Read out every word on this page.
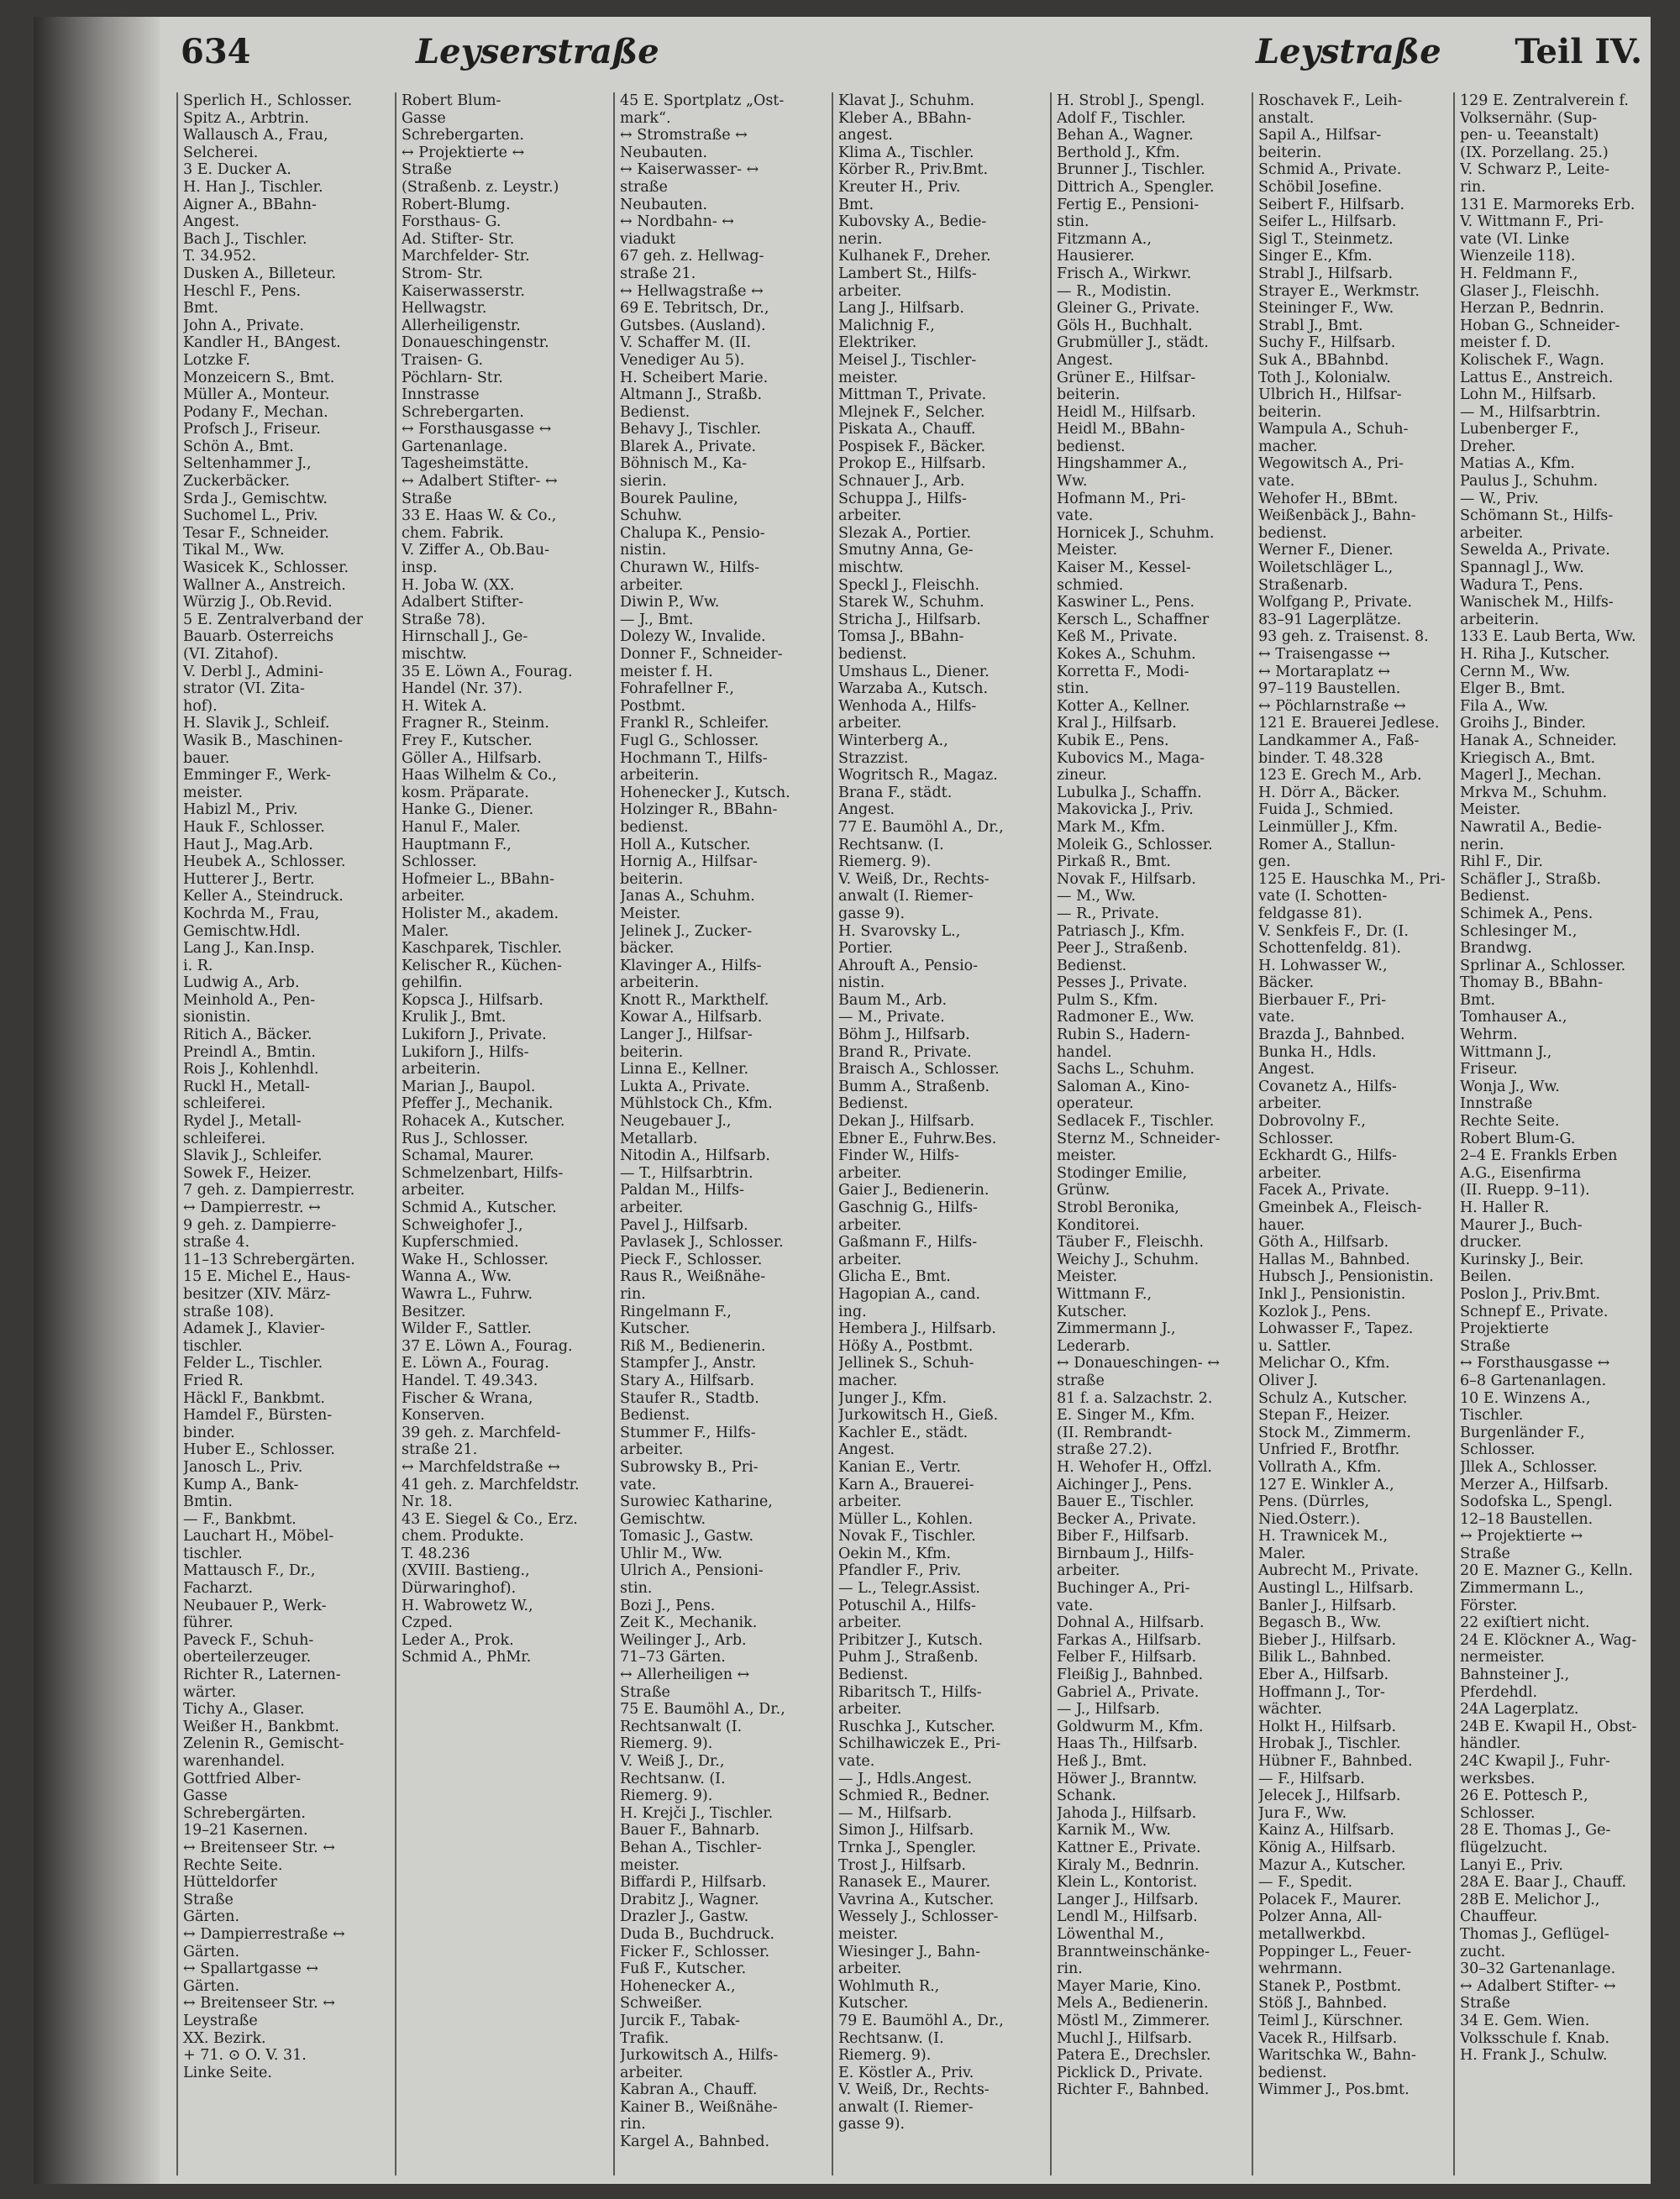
634	Leyserstraße	Leystraße Teil IV.
Sperlich H., Schlosser.
Spitz A., Arbtrin.
Wallausch A., Frau,
Selcherei.
3 E. Ducker A.
H. Han J., Tischler.
Aigner A., BBahn-
Angest.
Bach J., Tischler.
T. 34.952.
Dusken A., Billeteur.
Heschl F., Pens.
Bmt.
John A., Private.
Kandler H., BAngest.
Lotzke F.
Monzeicern S., Bmt.
Müller A., Monteur.
Podany F., Mechan.
Profsch J., Friseur.
Schön A., Bmt.
Seltenhammer J.,
Zuckerbäcker.
Srda J., Gemischtw.
Suchomel L., Priv.
Tesar F., Schneider.
Tikal M., Ww.
Wasicek K., Schlosser.
Wallner A., Anstreich.
Würzig J., Ob.Revid.
5 E. Zentralverband der
Bauarb. Österreichs
(VI. Zitahof).
V. Derbl J., Admini-
strator (VI. Zita-
hof).
H. Slavik J., Schleif.
Wasik B., Maschinen-
bauer.
Emminger F., Werk-
meister.
Habizl M., Priv.
Hauk F., Schlosser.
Haut J., Mag.Arb.
Heubek A., Schlosser.
Hutterer J., Bertr.
Keller A., Steindruck.
Kochrda M., Frau,
Gemischtw.Hdl.
Lang J., Kan.Insp.
i. R.
Ludwig A., Arb.
Meinhold A., Pen-
sionistin.
Ritich A., Bäcker.
Preindl A., Bmtin.
Rois J., Kohlenhdl.
Ruckl H., Metall-
schleiferei.
Rydel J., Metall-
schleiferei.
Slavik J., Schleifer.
Sowek F., Heizer.
7 geh. z. Dampierrestr.
↔ Dampierrestr. ↔
9 geh. z. Dampierre-
straße 4.
11–13 Schrebergärten.
15 E. Michel E., Haus-
besitzer (XIV. März-
straße 108).
Adamek J., Klavier-
tischler.
Felder L., Tischler.
Fried R.
Häckl F., Bankbmt.
Hamdel F., Bürsten-
binder.
Huber E., Schlosser.
Janosch L., Priv.
Kump A., Bank-
Bmtin.
— F., Bankbmt.
Lauchart H., Möbel-
tischler.
Mattausch F., Dr.,
Facharzt.
Neubauer P., Werk-
führer.
Paveck F., Schuh-
oberteilerzeuger.
Richter R., Laternen-
wärter.
Tichy A., Glaser.
Weißer H., Bankbmt.
Zelenin R., Gemischt-
warenhandel.
Gottfried Alber-
Gasse
Schrebergärten.
19–21 Kasernen.
↔ Breitenseer Str. ↔
Rechte Seite.
Hütteldorfer
Straße
Gärten.
↔ Dampierrestraße ↔
Gärten.
↔ Spallartgasse ↔
Gärten.
↔ Breitenseer Str. ↔
Leystraße
XX. Bezirk.
+ 71. ⊙ O. V. 31.
Linke Seite.
Robert Blum-
Gasse
Schrebergarten.
↔ Projektierte ↔
Straße
(Straßenb. z. Leystr.)
Robert-Blumg.
Forsthaus- G.
Ad. Stifter- Str.
Marchfelder- Str.
Strom- Str.
Kaiserwasserstr.
Hellwagstr.
Allerheiligenstr.
Donaueschingenstr.
Traisen- G.
Pöchlarn- Str.
Innstrasse
Schrebergarten.
↔ Forsthausgasse ↔
Gartenanlage.
Tagesheimstätte.
↔ Adalbert Stifter- ↔
Straße
33 E. Haas W. & Co.,
chem. Fabrik.
V. Ziffer A., Ob.Bau-
insp.
H. Joba W. (XX.
Adalbert Stifter-
Straße 78).
Hirnschall J., Ge-
mischtw.
35 E. Löwn A., Fourag.
Handel (Nr. 37).
H. Witek A.
Fragner R., Steinm.
Frey F., Kutscher.
Göller A., Hilfsarb.
Haas Wilhelm & Co.,
kosm. Präparate.
Hanke G., Diener.
Hanul F., Maler.
Hauptmann F.,
Schlosser.
Hofmeier L., BBahn-
arbeiter.
Holister M., akadem.
Maler.
Kaschparek, Tischler.
Kelischer R., Küchen-
gehilfin.
Kopsca J., Hilfsarb.
Krulik J., Bmt.
Lukiforn J., Private.
Lukiforn J., Hilfs-
arbeiterin.
Marian J., Baupol.
Pfeffer J., Mechanik.
Rohacek A., Kutscher.
Rus J., Schlosser.
Schamal, Maurer.
Schmelzenbart, Hilfs-
arbeiter.
Schmid A., Kutscher.
Schweighofer J.,
Kupferschmied.
Wake H., Schlosser.
Wanna A., Ww.
Wawra L., Fuhrw.
Besitzer.
Wilder F., Sattler.
37 E. Löwn A., Fourag.
E. Löwn A., Fourag.
Handel. T. 49.343.
Fischer & Wrana,
Konserven.
39 geh. z. Marchfeld-
straße 21.
↔ Marchfeldstraße ↔
41 geh. z. Marchfeldstr.
Nr. 18.
43 E. Siegel & Co., Erz.
chem. Produkte.
T. 48.236
(XVIII. Bastieng.,
Dürwaringhof).
H. Wabrowetz W.,
Czped.
Leder A., Prok.
Schmid A., PhMr.
45 E. Sportplatz „Ost-
mark“.
↔ Stromstraße ↔
Neubauten.
↔ Kaiserwasser- ↔
straße
Neubauten.
↔ Nordbahn- ↔
viadukt
67 geh. z. Hellwag-
straße 21.
↔ Hellwagstraße ↔
69 E. Tebritsch, Dr.,
Gutsbes. (Ausland).
V. Schaffer M. (II.
Venediger Au 5).
H. Scheibert Marie.
Altmann J., Straßb.
Bedienst.
Behavy J., Tischler.
Blarek A., Private.
Böhnisch M., Ka-
sierin.
Bourek Pauline,
Schuhw.
Chalupa K., Pensio-
nistin.
Churawn W., Hilfs-
arbeiter.
Diwin P., Ww.
— J., Bmt.
Dolezy W., Invalide.
Donner F., Schneider-
meister f. H.
Fohrafellner F.,
Postbmt.
Frankl R., Schleifer.
Fugl G., Schlosser.
Hochmann T., Hilfs-
arbeiterin.
Hohenecker J., Kutsch.
Holzinger R., BBahn-
bedienst.
Holl A., Kutscher.
Hornig A., Hilfsar-
beiterin.
Janas A., Schuhm.
Meister.
Jelinek J., Zucker-
bäcker.
Klavinger A., Hilfs-
arbeiterin.
Knott R., Markthelf.
Kowar A., Hilfsarb.
Langer J., Hilfsar-
beiterin.
Linna E., Kellner.
Lukta A., Private.
Mühlstock Ch., Kfm.
Neugebauer J.,
Metallarb.
Nitodin A., Hilfsarb.
— T., Hilfsarbtrin.
Paldan M., Hilfs-
arbeiter.
Pavel J., Hilfsarb.
Pavlasek J., Schlosser.
Pieck F., Schlosser.
Raus R., Weißnähe-
rin.
Ringelmann F.,
Kutscher.
Riß M., Bedienerin.
Stampfer J., Anstr.
Stary A., Hilfsarb.
Staufer R., Stadtb.
Bedienst.
Stummer F., Hilfs-
arbeiter.
Subrowsky B., Pri-
vate.
Surowiec Katharine,
Gemischtw.
Tomasic J., Gastw.
Uhlir M., Ww.
Ulrich A., Pensioni-
stin.
Bozi J., Pens.
Zeit K., Mechanik.
Weilinger J., Arb.
71–73 Gärten.
↔ Allerheiligen ↔
Straße
75 E. Baumöhl A., Dr.,
Rechtsanwalt (I.
Riemerg. 9).
V. Weiß J., Dr.,
Rechtsanw. (I.
Riemerg. 9).
H. Krejči J., Tischler.
Bauer F., Bahnarb.
Behan A., Tischler-
meister.
Biffardi P., Hilfsarb.
Drabitz J., Wagner.
Drazler J., Gastw.
Duda B., Buchdruck.
Ficker F., Schlosser.
Fuß F., Kutscher.
Hohenecker A.,
Schweißer.
Jurcik F., Tabak-
Trafik.
Jurkowitsch A., Hilfs-
arbeiter.
Kabran A., Chauff.
Kainer B., Weißnähe-
rin.
Kargel A., Bahnbed.
Klavat J., Schuhm.
Kleber A., BBahn-
angest.
Klima A., Tischler.
Körber R., Priv.Bmt.
Kreuter H., Priv.
Bmt.
Kubovsky A., Bedie-
nerin.
Kulhanek F., Dreher.
Lambert St., Hilfs-
arbeiter.
Lang J., Hilfsarb.
Malichnig F.,
Elektriker.
Meisel J., Tischler-
meister.
Mittman T., Private.
Mlejnek F., Selcher.
Piskata A., Chauff.
Pospisek F., Bäcker.
Prokop E., Hilfsarb.
Schnauer J., Arb.
Schuppa J., Hilfs-
arbeiter.
Slezak A., Portier.
Smutny Anna, Ge-
mischtw.
Speckl J., Fleischh.
Starek W., Schuhm.
Stricha J., Hilfsarb.
Tomsa J., BBahn-
bedienst.
Umshaus L., Diener.
Warzaba A., Kutsch.
Wenhoda A., Hilfs-
arbeiter.
Winterberg A.,
Strazzist.
Wogritsch R., Magaz.
Brana F., städt.
Angest.
77 E. Baumöhl A., Dr.,
Rechtsanw. (I.
Riemerg. 9).
V. Weiß, Dr., Rechts-
anwalt (I. Riemer-
gasse 9).
H. Svarovsky L.,
Portier.
Ahrouft A., Pensio-
nistin.
Baum M., Arb.
— M., Private.
Böhm J., Hilfsarb.
Brand R., Private.
Braisch A., Schlosser.
Bumm A., Straßenb.
Bedienst.
Dekan J., Hilfsarb.
Ebner E., Fuhrw.Bes.
Finder W., Hilfs-
arbeiter.
Gaier J., Bedienerin.
Gaschnig G., Hilfs-
arbeiter.
Gaßmann F., Hilfs-
arbeiter.
Glicha E., Bmt.
Hagopian A., cand.
ing.
Hembera J., Hilfsarb.
Hößy A., Postbmt.
Jellinek S., Schuh-
macher.
Junger J., Kfm.
Jurkowitsch H., Gieß.
Kachler E., städt.
Angest.
Kanian E., Vertr.
Karn A., Brauerei-
arbeiter.
Müller L., Kohlen.
Novak F., Tischler.
Oekin M., Kfm.
Pfandler F., Priv.
— L., Telegr.Assist.
Potuschil A., Hilfs-
arbeiter.
Pribitzer J., Kutsch.
Puhm J., Straßenb.
Bedienst.
Ribaritsch T., Hilfs-
arbeiter.
Ruschka J., Kutscher.
Schilhawiczek E., Pri-
vate.
— J., Hdls.Angest.
Schmied R., Bedner.
— M., Hilfsarb.
Simon J., Hilfsarb.
Trnka J., Spengler.
Trost J., Hilfsarb.
Ranasek E., Maurer.
Vavrina A., Kutscher.
Wessely J., Schlosser-
meister.
Wiesinger J., Bahn-
arbeiter.
Wohlmuth R.,
Kutscher.
79 E. Baumöhl A., Dr.,
Rechtsanw. (I.
Riemerg. 9).
E. Köstler A., Priv.
V. Weiß, Dr., Rechts-
anwalt (I. Riemer-
gasse 9).
H. Strobl J., Spengl.
Adolf F., Tischler.
Behan A., Wagner.
Berthold J., Kfm.
Brunner J., Tischler.
Dittrich A., Spengler.
Fertig E., Pensioni-
stin.
Fitzmann A.,
Hausierer.
Frisch A., Wirkwr.
— R., Modistin.
Gleiner G., Private.
Göls H., Buchhalt.
Grubmüller J., städt.
Angest.
Grüner E., Hilfsar-
beiterin.
Heidl M., Hilfsarb.
Heidl M., BBahn-
bedienst.
Hingshammer A.,
Ww.
Hofmann M., Pri-
vate.
Hornicek J., Schuhm.
Meister.
Kaiser M., Kessel-
schmied.
Kaswiner L., Pens.
Kersch L., Schaffner
Keß M., Private.
Kokes A., Schuhm.
Korretta F., Modi-
stin.
Kotter A., Kellner.
Kral J., Hilfsarb.
Kubik E., Pens.
Kubovics M., Maga-
zineur.
Lubulka J., Schaffn.
Makovicka J., Priv.
Mark M., Kfm.
Moleik G., Schlosser.
Pirkaß R., Bmt.
Novak F., Hilfsarb.
— M., Ww.
— R., Private.
Patriasch J., Kfm.
Peer J., Straßenb.
Bedienst.
Pesses J., Private.
Pulm S., Kfm.
Radmoner E., Ww.
Rubin S., Hadern-
handel.
Sachs L., Schuhm.
Saloman A., Kino-
operateur.
Sedlacek F., Tischler.
Sternz M., Schneider-
meister.
Stodinger Emilie,
Grünw.
Strobl Beronika,
Konditorei.
Täuber F., Fleischh.
Weichy J., Schuhm.
Meister.
Wittmann F.,
Kutscher.
Zimmermann J.,
Lederarb.
↔ Donaueschingen- ↔
straße
81 f. a. Salzachstr. 2.
E. Singer M., Kfm.
(II. Rembrandt-
straße 27.2).
H. Wehofer H., Offzl.
Aichinger J., Pens.
Bauer E., Tischler.
Becker A., Private.
Biber F., Hilfsarb.
Birnbaum J., Hilfs-
arbeiter.
Buchinger A., Pri-
vate.
Dohnal A., Hilfsarb.
Farkas A., Hilfsarb.
Felber F., Hilfsarb.
Fleißig J., Bahnbed.
Gabriel A., Private.
— J., Hilfsarb.
Goldwurm M., Kfm.
Haas Th., Hilfsarb.
Heß J., Bmt.
Höwer J., Branntw.
Schank.
Jahoda J., Hilfsarb.
Karnik M., Ww.
Kattner E., Private.
Kiraly M., Bednrin.
Klein L., Kontorist.
Langer J., Hilfsarb.
Lendl M., Hilfsarb.
Löwenthal M.,
Branntweinschänke-
rin.
Mayer Marie, Kino.
Mels A., Bedienerin.
Möstl M., Zimmerer.
Muchl J., Hilfsarb.
Patera E., Drechsler.
Picklick D., Private.
Richter F., Bahnbed.
Roschavek F., Leih-
anstalt.
Sapil A., Hilfsar-
beiterin.
Schmid A., Private.
Schöbil Josefine.
Seibert F., Hilfsarb.
Seifer L., Hilfsarb.
Sigl T., Steinmetz.
Singer E., Kfm.
Strabl J., Hilfsarb.
Strayer E., Werkmstr.
Steininger F., Ww.
Strabl J., Bmt.
Suchy F., Hilfsarb.
Suk A., BBahnbd.
Toth J., Kolonialw.
Ulbrich H., Hilfsar-
beiterin.
Wampula A., Schuh-
macher.
Wegowitsch A., Pri-
vate.
Wehofer H., BBmt.
Weißenbäck J., Bahn-
bedienst.
Werner F., Diener.
Woiletschläger L.,
Straßenarb.
Wolfgang P., Private.
83–91 Lagerplätze.
93 geh. z. Traisenst. 8.
↔ Traisengasse ↔
↔ Mortaraplatz ↔
97–119 Baustellen.
↔ Pöchlarnstraße ↔
121 E. Brauerei Jedlese.
Landkammer A., Faß-
binder. T. 48.328
123 E. Grech M., Arb.
H. Dörr A., Bäcker.
Fuida J., Schmied.
Leinmüller J., Kfm.
Romer A., Stallun-
gen.
125 E. Hauschka M., Pri-
vate (I. Schotten-
feldgasse 81).
V. Senkfeis F., Dr. (I.
Schottenfeldg. 81).
H. Lohwasser W.,
Bäcker.
Bierbauer F., Pri-
vate.
Brazda J., Bahnbed.
Bunka H., Hdls.
Angest.
Covanetz A., Hilfs-
arbeiter.
Dobrovolny F.,
Schlosser.
Eckhardt G., Hilfs-
arbeiter.
Facek A., Private.
Gmeinbek A., Fleisch-
hauer.
Göth A., Hilfsarb.
Hallas M., Bahnbed.
Hubsch J., Pensionistin.
Inkl J., Pensionistin.
Kozlok J., Pens.
Lohwasser F., Tapez.
u. Sattler.
Melichar O., Kfm.
Oliver J.
Schulz A., Kutscher.
Stepan F., Heizer.
Stock M., Zimmerm.
Unfried F., Brotfhr.
Vollrath A., Kfm.
127 E. Winkler A.,
Pens. (Dürrles,
Nied.Österr.).
H. Trawnicek M.,
Maler.
Aubrecht M., Private.
Austingl L., Hilfsarb.
Banler J., Hilfsarb.
Begasch B., Ww.
Bieber J., Hilfsarb.
Bilik L., Bahnbed.
Eber A., Hilfsarb.
Hoffmann J., Tor-
wächter.
Holkt H., Hilfsarb.
Hrobak J., Tischler.
Hübner F., Bahnbed.
— F., Hilfsarb.
Jelecek J., Hilfsarb.
Jura F., Ww.
Kainz A., Hilfsarb.
König A., Hilfsarb.
Mazur A., Kutscher.
— F., Spedit.
Polacek F., Maurer.
Polzer Anna, All-
metallwerkbd.
Poppinger L., Feuer-
wehrmann.
Stanek P., Postbmt.
Stöß J., Bahnbed.
Teiml J., Kürschner.
Vacek R., Hilfsarb.
Waritschka W., Bahn-
bedienst.
Wimmer J., Pos.bmt.
129 E. Zentralverein f.
Volksernähr. (Sup-
pen- u. Teeanstalt)
(IX. Porzellang. 25.)
V. Schwarz P., Leite-
rin.
131 E. Marmoreks Erb.
V. Wittmann F., Pri-
vate (VI. Linke
Wienzeile 118).
H. Feldmann F.,
Glaser J., Fleischh.
Herzan P., Bednrin.
Hoban G., Schneider-
meister f. D.
Kolischek F., Wagn.
Lattus E., Anstreich.
Lohn M., Hilfsarb.
— M., Hilfsarbtrin.
Lubenberger F.,
Dreher.
Matias A., Kfm.
Paulus J., Schuhm.
— W., Priv.
Schömann St., Hilfs-
arbeiter.
Sewelda A., Private.
Spannagl J., Ww.
Wadura T., Pens.
Wanischek M., Hilfs-
arbeiterin.
133 E. Laub Berta, Ww.
H. Riha J., Kutscher.
Cernn M., Ww.
Elger B., Bmt.
Fila A., Ww.
Groihs J., Binder.
Hanak A., Schneider.
Kriegisch A., Bmt.
Magerl J., Mechan.
Mrkva M., Schuhm.
Meister.
Nawratil A., Bedie-
nerin.
Rihl F., Dir.
Schäfler J., Straßb.
Bedienst.
Schimek A., Pens.
Schlesinger M.,
Brandwg.
Sprlinar A., Schlosser.
Thomay B., BBahn-
Bmt.
Tomhauser A.,
Wehrm.
Wittmann J.,
Friseur.
Wonja J., Ww.
Innstraße
Rechte Seite.
Robert Blum-G.
2–4 E. Frankls Erben
A.G., Eisenfirma
(II. Ruepp. 9–11).
H. Haller R.
Maurer J., Buch-
drucker.
Kurinsky J., Beir.
Beilen.
Poslon J., Priv.Bmt.
Schnepf E., Private.
Projektierte
Straße
↔ Forsthausgasse ↔
6–8 Gartenanlagen.
10 E. Winzens A.,
Tischler.
Burgenländer F.,
Schlosser.
Jllek A., Schlosser.
Merzer A., Hilfsarb.
Sodofska L., Spengl.
12–18 Baustellen.
↔ Projektierte ↔
Straße
20 E. Mazner G., Kelln.
Zimmermann L.,
Förster.
22 exiſtiert nicht.
24 E. Klöckner A., Wag-
nermeister.
Bahnsteiner J.,
Pferdehdl.
24A Lagerplatz.
24B E. Kwapil H., Obst-
händler.
24C Kwapil J., Fuhr-
werksbes.
26 E. Pottesch P.,
Schlosser.
28 E. Thomas J., Ge-
flügelzucht.
Lanyi E., Priv.
28A E. Baar J., Chauff.
28B E. Melichor J.,
Chauffeur.
Thomas J., Geflügel-
zucht.
30–32 Gartenanlage.
↔ Adalbert Stifter- ↔
Straße
34 E. Gem. Wien.
Volksschule f. Knab.
H. Frank J., Schulw.
